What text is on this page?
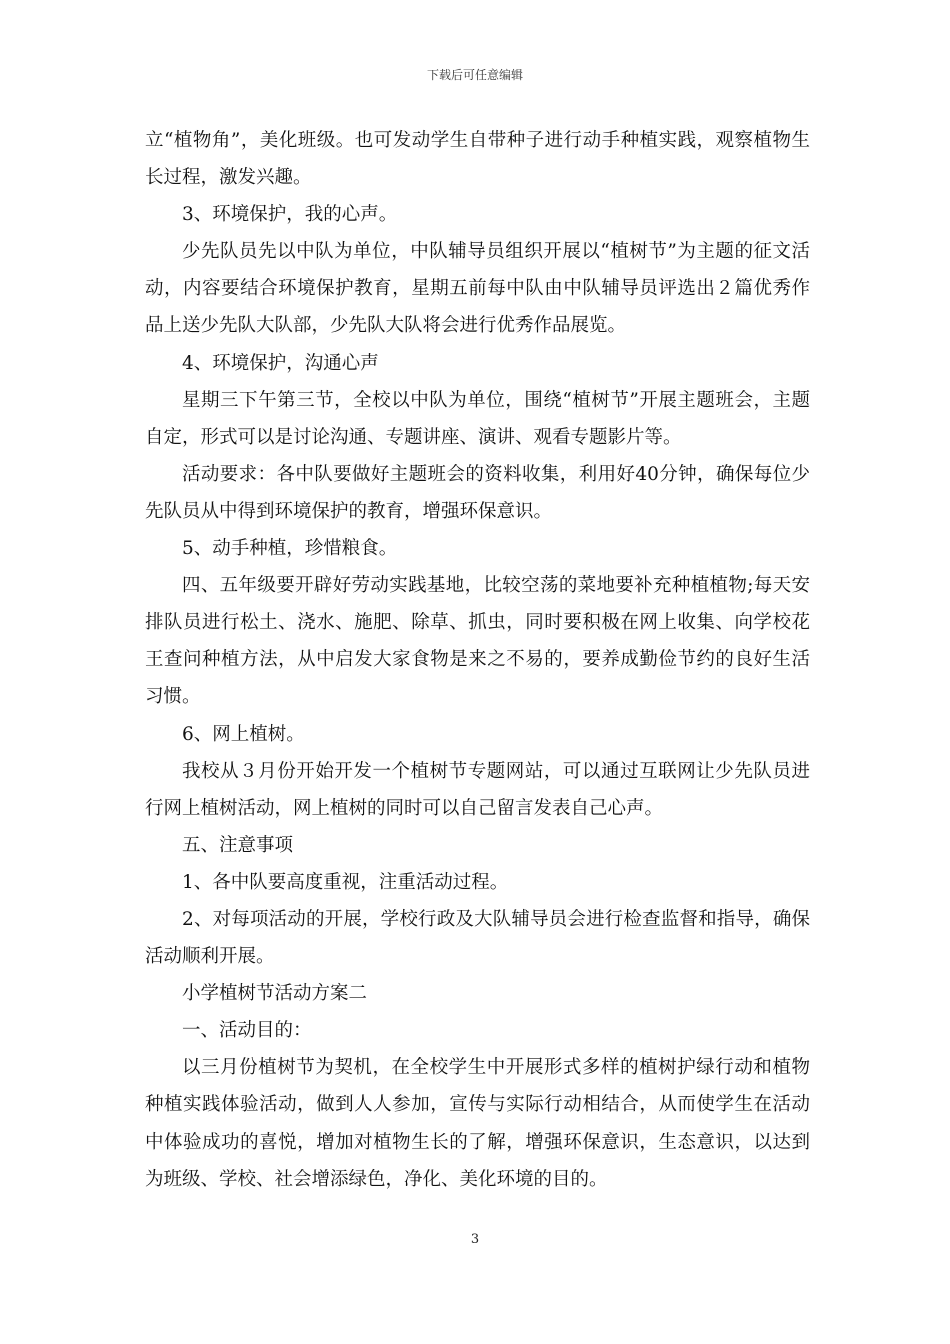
下载后可任意编辑

立“植物角”，美化班级。也可发动学生自带种子进行动手种植实践，观察植物生长过程，激发兴趣。

3、环境保护，我的心声。

少先队员先以中队为单位，中队辅导员组织开展以“植树节”为主题的征文活动，内容要结合环境保护教育，星期五前每中队由中队辅导员评选出２篇优秀作品上送少先队大队部，少先队大队将会进行优秀作品展览。

4、环境保护，沟通心声

星期三下午第三节，全校以中队为单位，围绕“植树节”开展主题班会，主题自定，形式可以是讨论沟通、专题讲座、演讲、观看专题影片等。

活动要求：各中队要做好主题班会的资料收集，利用好40分钟，确保每位少先队员从中得到环境保护的教育，增强环保意识。

5、动手种植，珍惜粮食。

四、五年级要开辟好劳动实践基地，比较空荡的菜地要补充种植植物;每天安排队员进行松土、浇水、施肥、除草、抓虫，同时要积极在网上收集、向学校花王查问种植方法，从中启发大家食物是来之不易的，要养成勤俭节约的良好生活习惯。

6、网上植树。

我校从３月份开始开发一个植树节专题网站，可以通过互联网让少先队员进行网上植树活动，网上植树的同时可以自己留言发表自己心声。

五、注意事项

1、各中队要高度重视，注重活动过程。

2、对每项活动的开展，学校行政及大队辅导员会进行检查监督和指导，确保活动顺利开展。

小学植树节活动方案二

一、活动目的：

以三月份植树节为契机，在全校学生中开展形式多样的植树护绿行动和植物种植实践体验活动，做到人人参加，宣传与实际行动相结合，从而使学生在活动中体验成功的喜悦，增加对植物生长的了解，增强环保意识，生态意识，以达到为班级、学校、社会增添绿色，净化、美化环境的目的。

3
